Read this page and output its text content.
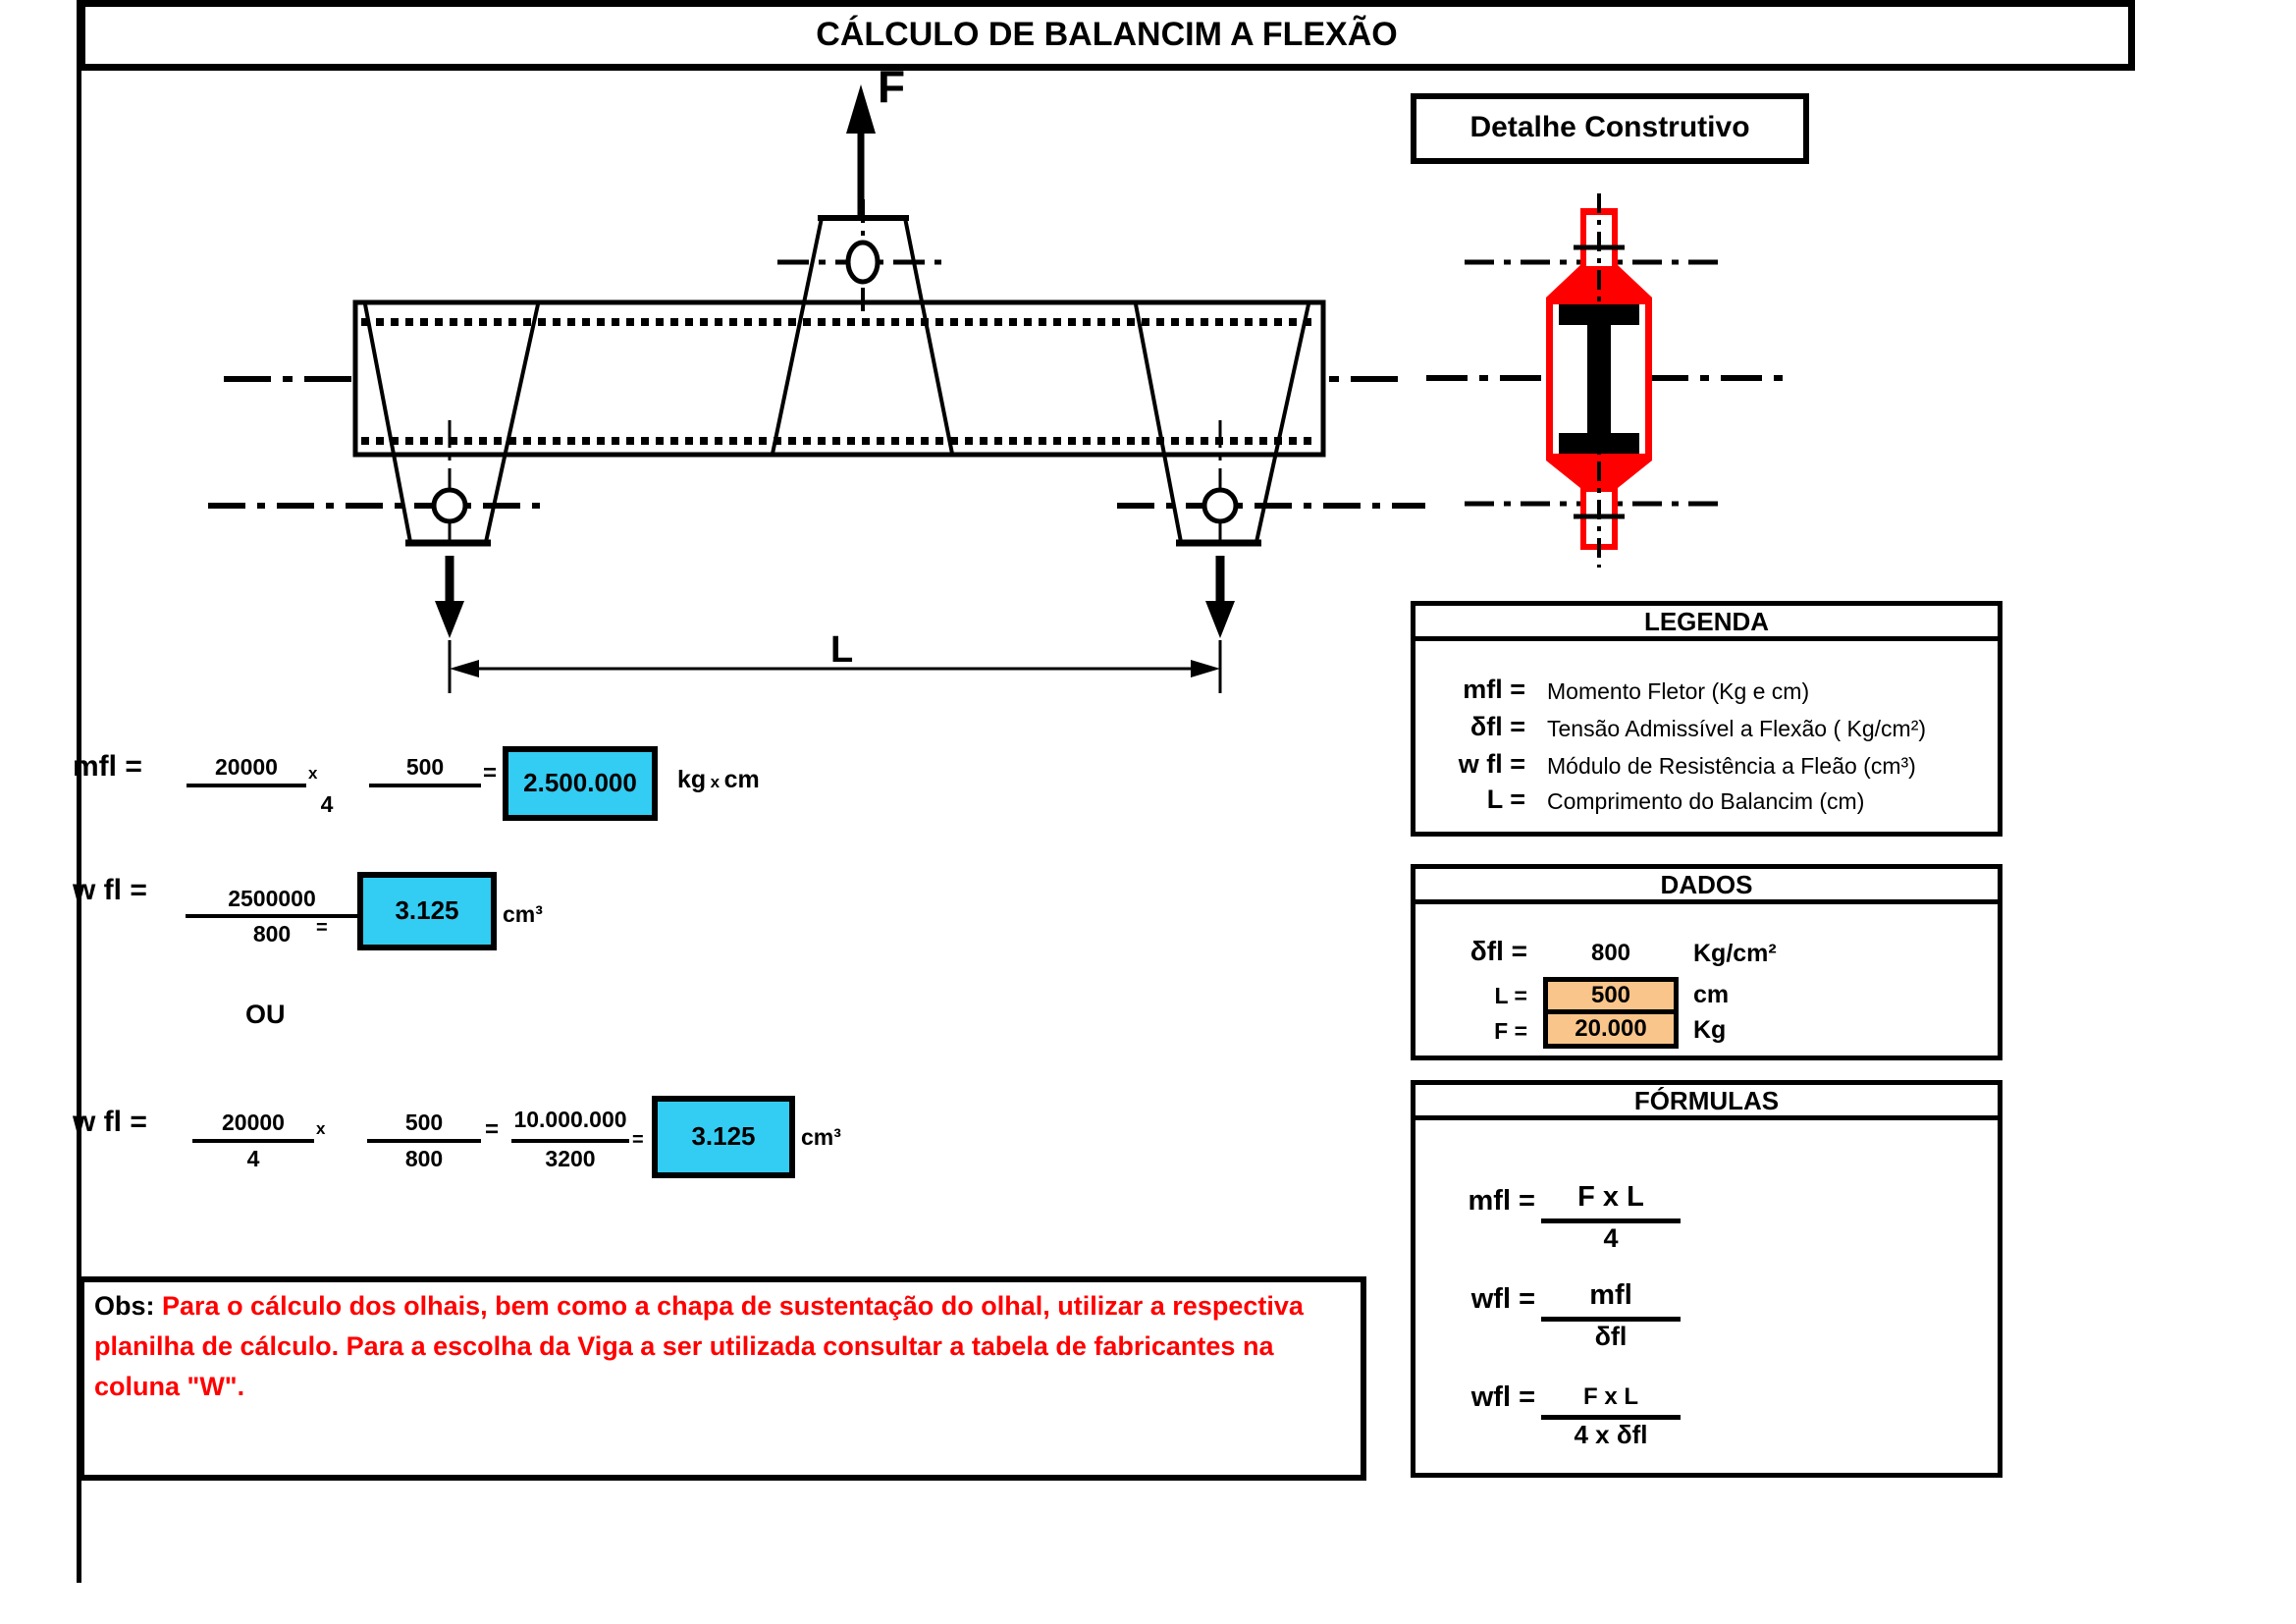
CÁLCULO DE BALANCIM A FLEXÃO
F
L
Detalhe Construtivo
mfl =	20000	x
4
500	=	2.500.000	kg x cm
w fl =	2500000
800	=
3.125	cm³
OU
w fl =	20000	x
4
500
800
= 10.000.000
3200
=	3.125	cm³
LEGENDA
mfl = Momento Fletor (Kg e cm)
δfl = Tensão Admissível a Flexão ( Kg/cm²)
w fl = Módulo de Resistência a Fleão (cm³)
L = Comprimento do Balancim (cm)
DADOS
δfl =	800	Kg/cm²
L =	500	cm
F =	20.000	Kg
FÓRMULAS
mfl =	F x L
4
wfl =	mfl
δfl
wfl =	F x L
4 x δfl
Obs: Para o cálculo dos olhais, bem como a chapa de sustentação do olhal, utilizar a respectiva planilha de cálculo. Para a escolha da Viga a ser utilizada consultar a tabela de fabricantes na coluna "W".
